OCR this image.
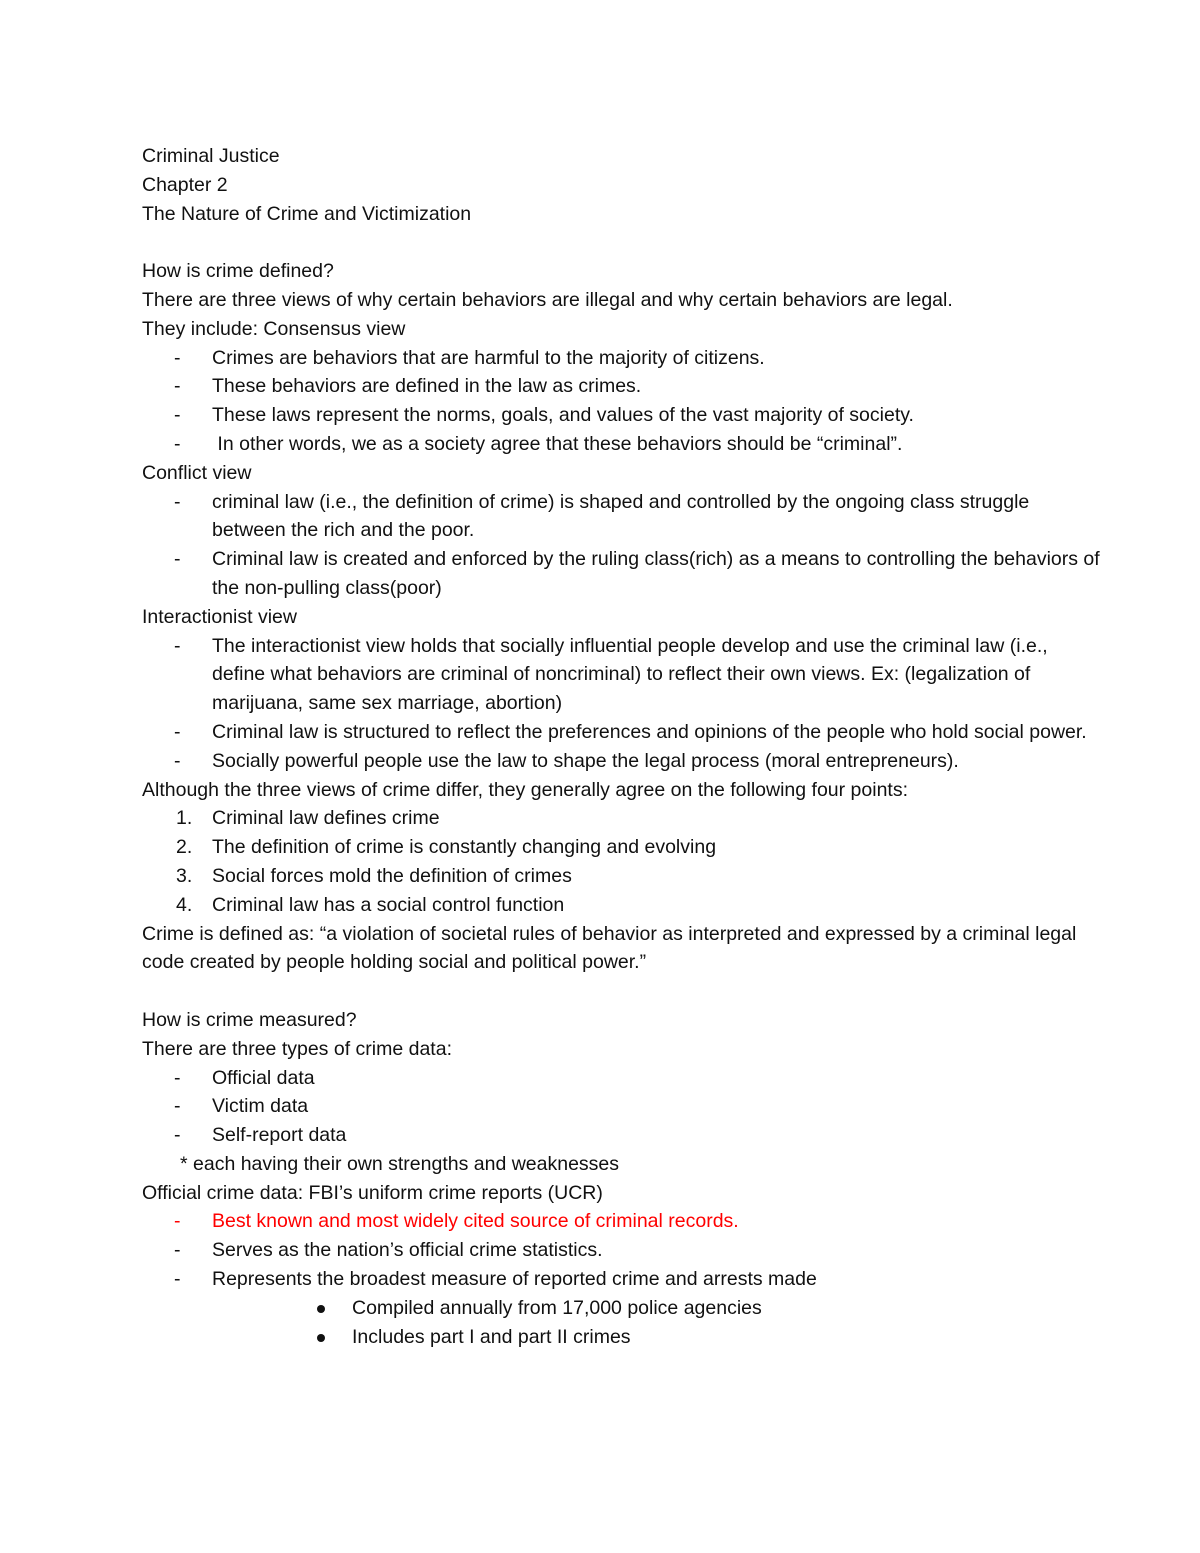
Criminal Justice
Chapter 2
The Nature of Crime and Victimization
How is crime defined?
There are three views of why certain behaviors are illegal and why certain behaviors are legal.
They include: Consensus view
-	Crimes are behaviors that are harmful to the majority of citizens.
-	These behaviors are defined in the law as crimes.
-	These laws represent the norms, goals, and values of the vast majority of society.
-	In other words, we as a society agree that these behaviors should be “criminal”.
Conflict view
-	criminal law (i.e., the definition of crime) is shaped and controlled by the ongoing class struggle between the rich and the poor.
-	Criminal law is created and enforced by the ruling class(rich) as a means to controlling the behaviors of the non-pulling class(poor)
Interactionist view
-	The interactionist view holds that socially influential people develop and use the criminal law (i.e., define what behaviors are criminal of noncriminal) to reflect their own views. Ex: (legalization of marijuana, same sex marriage, abortion)
-	Criminal law is structured to reflect the preferences and opinions of the people who hold social power.
-	Socially powerful people use the law to shape the legal process (moral entrepreneurs).
Although the three views of crime differ, they generally agree on the following four points:
1.	Criminal law defines crime
2.	The definition of crime is constantly changing and evolving
3.	Social forces mold the definition of crimes
4.	Criminal law has a social control function
Crime is defined as: “a violation of societal rules of behavior as interpreted and expressed by a criminal legal code created by people holding social and political power.”
How is crime measured?
There are three types of crime data:
-	Official data
-	Victim data
-	Self-report data
* each having their own strengths and weaknesses
Official crime data: FBI’s uniform crime reports (UCR)
-	Best known and most widely cited source of criminal records.
-	Serves as the nation’s official crime statistics.
-	Represents the broadest measure of reported crime and arrests made
Compiled annually from 17,000 police agencies
Includes part I and part II crimes
